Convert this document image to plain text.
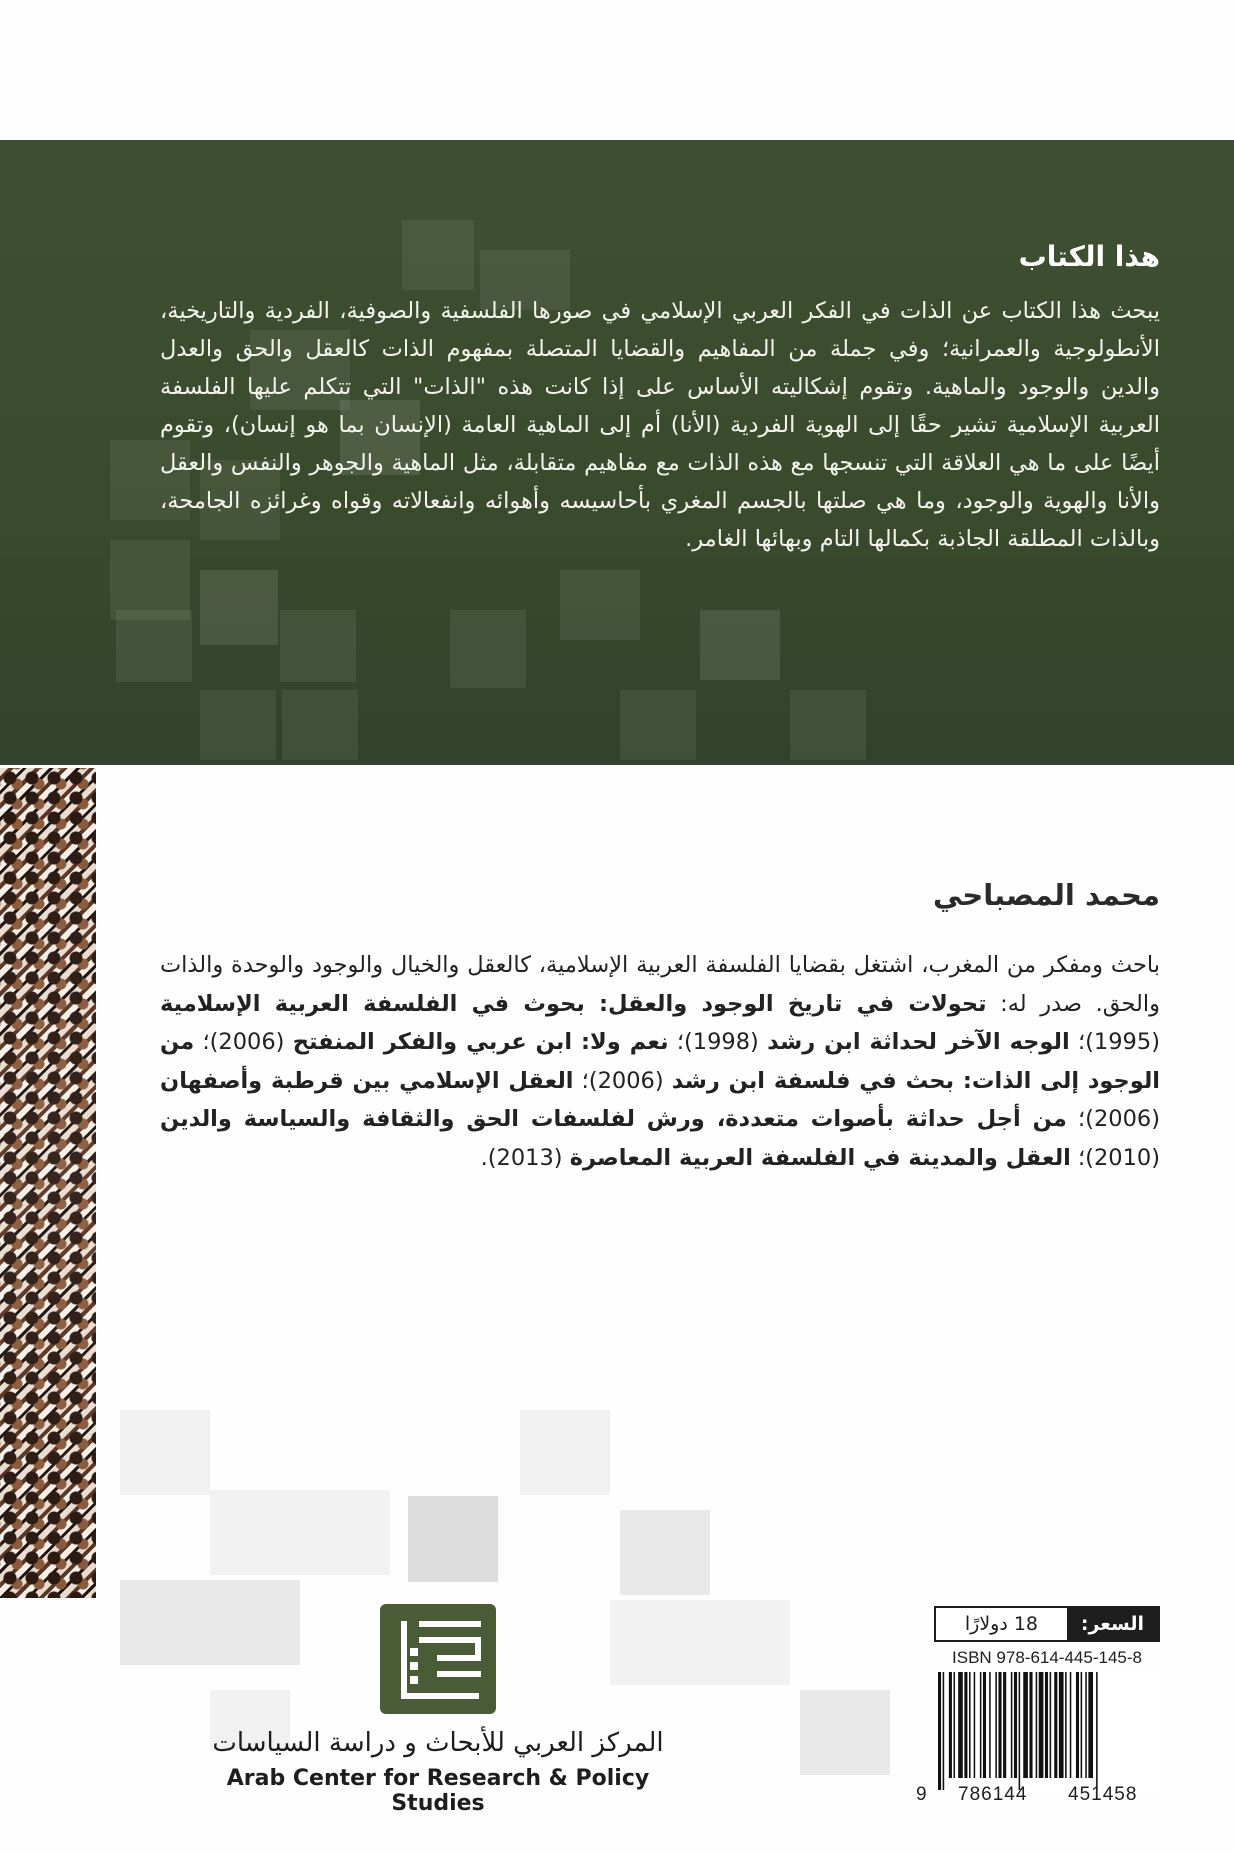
هذا الكتاب

يبحث هذا الكتاب عن الذات في الفكر العربي الإسلامي في صورها الفلسفية والصوفية، الفردية والتاريخية، الأنطولوجية والعمرانية؛ وفي جملة من المفاهيم والقضايا المتصلة بمفهوم الذات كالعقل والحق والعدل والدين والوجود والماهية. وتقوم إشكاليته الأساس على إذا كانت هذه "الذات" التي تتكلم عليها الفلسفة العربية الإسلامية تشير حقًا إلى الهوية الفردية (الأنا) أم إلى الماهية العامة (الإنسان بما هو إنسان)، وتقوم أيضًا على ما هي العلاقة التي تنسجها مع هذه الذات مع مفاهيم متقابلة، مثل الماهية والجوهر والنفس والعقل والأنا والهوية والوجود، وما هي صلتها بالجسم المغري بأحاسيسه وأهوائه وانفعالاته وقواه وغرائزه الجامحة، وبالذات المطلقة الجاذبة بكمالها التام وبهائها الغامر.

محمد المصباحي

باحث ومفكر من المغرب، اشتغل بقضايا الفلسفة العربية الإسلامية، كالعقل والخيال والوجود والوحدة والذات والحق. صدر له: تحولات في تاريخ الوجود والعقل: بحوث في الفلسفة العربية الإسلامية (1995)؛ الوجه الآخر لحداثة ابن رشد (1998)؛ نعم ولا: ابن عربي والفكر المنفتح (2006)؛ من الوجود إلى الذات: بحث في فلسفة ابن رشد (2006)؛ العقل الإسلامي بين قرطبة وأصفهان (2006)؛ من أجل حداثة بأصوات متعددة، ورش لفلسفات الحق والثقافة والسياسة والدين (2010)؛ العقل والمدينة في الفلسفة العربية المعاصرة (2013).

المركز العربي للأبحاث و دراسة السياسات

Arab Center for Research & Policy Studies

السعر:
18 دولارًا

ISBN 978-614-445-145-8

9 786144 451458
